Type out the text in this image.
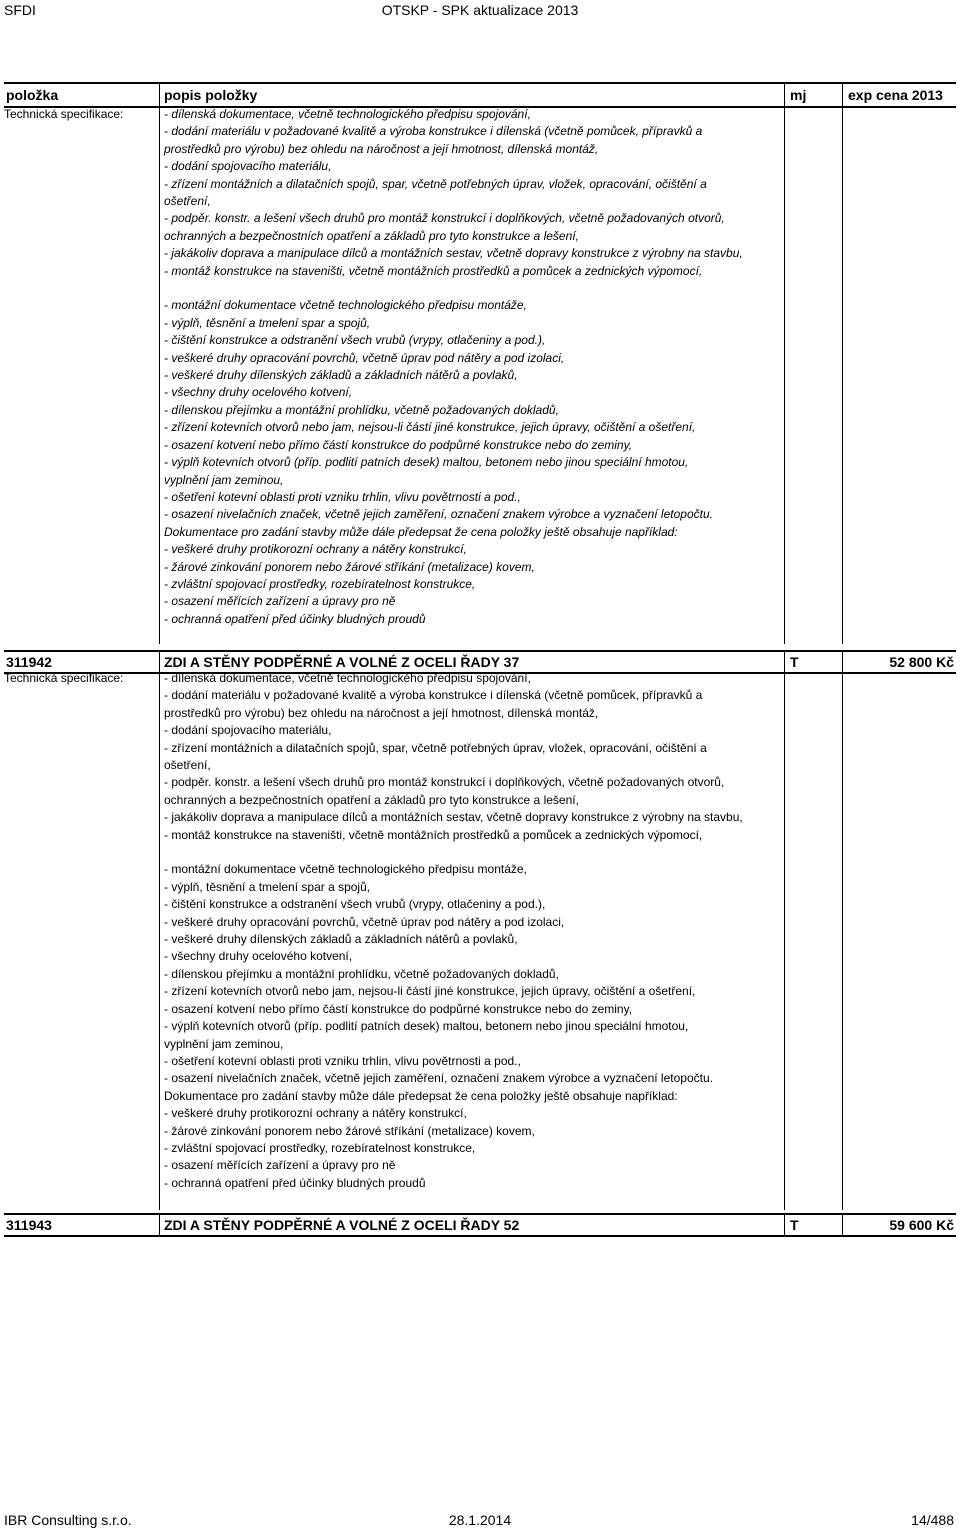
SFDI	OTSKP - SPK aktualizace 2013
položka	popis položky	mj	exp cena 2013
Technická specifikace:	- dílenská dokumentace, včetně technologického předpisu spojování,
- dodání materiálu v požadované kvalitě a výroba konstrukce i dílenská (včetně pomůcek, přípravků a
prostředků pro výrobu) bez ohledu na náročnost a její hmotnost, dílenská montáž,
- dodání spojovacího materiálu,
- zřízení montážních a dilatačních spojů, spar, včetně potřebných úprav, vložek, opracování, očištění a
ošetření,
- podpěr. konstr. a lešení všech druhů pro montáž konstrukcí i doplňkových, včetně požadovaných otvorů,
ochranných a bezpečnostních opatření a základů pro tyto konstrukce a lešení,
- jakákoliv doprava a manipulace dílců a montážních sestav, včetně dopravy konstrukce z výrobny na stavbu,
- montáž konstrukce na staveništi, včetně montážních prostředků a pomůcek a zednických výpomocí,
- montážní dokumentace včetně technologického předpisu montáže,
- výplň, těsnění a tmelení spar a spojů,
- čištění konstrukce a odstranění všech vrubů (vrypy, otlačeniny a pod.),
- veškeré druhy opracování povrchů, včetně úprav pod nátěry a pod izolaci,
- veškeré druhy dílenských základů a základních nátěrů a povlaků,
- všechny druhy ocelového kotvení,
- dílenskou přejímku a montážní prohlídku, včetně požadovaných dokladů,
- zřízení kotevních otvorů nebo jam, nejsou-li částí jiné konstrukce, jejich úpravy, očištění a ošetření,
- osazení kotvení nebo přímo částí konstrukce do podpůrné konstrukce nebo do zeminy,
- výplň kotevních otvorů (příp. podlití patních desek) maltou, betonem nebo jinou speciální hmotou,
vyplnění jam zeminou,
- ošetření kotevní oblasti proti vzniku trhlin, vlivu povětrnosti a pod.,
- osazení nivelačních značek, včetně jejich zaměření, označení znakem výrobce a vyznačení letopočtu.
Dokumentace pro zadání stavby může dále předepsat že cena položky ještě obsahuje například:
- veškeré druhy protikorozní ochrany a nátěry konstrukcí,
- žárové zinkování ponorem nebo žárové stříkání (metalizace) kovem,
- zvláštní spojovací prostředky, rozebíratelnost konstrukce,
- osazení měřících zařízení a úpravy pro ně
- ochranná opatření před účinky bludných proudů
311942	ZDI A STĚNY PODPĚRNÉ A VOLNÉ Z OCELI ŘADY 37	T	52 800 Kč
Technická specifikace:	- dílenská dokumentace, včetně technologického předpisu spojování,
- dodání materiálu v požadované kvalitě a výroba konstrukce i dílenská (včetně pomůcek, přípravků a
prostředků pro výrobu) bez ohledu na náročnost a její hmotnost, dílenská montáž,
- dodání spojovacího materiálu,
- zřízení montážních a dilatačních spojů, spar, včetně potřebných úprav, vložek, opracování, očištění a
ošetření,
- podpěr. konstr. a lešení všech druhů pro montáž konstrukcí i doplňkových, včetně požadovaných otvorů,
ochranných a bezpečnostních opatření a základů pro tyto konstrukce a lešení,
- jakákoliv doprava a manipulace dílců a montážních sestav, včetně dopravy konstrukce z výrobny na stavbu,
- montáž konstrukce na staveništi, včetně montážních prostředků a pomůcek a zednických výpomocí,
- montážní dokumentace včetně technologického předpisu montáže,
- výplň, těsnění a tmelení spar a spojů,
- čištění konstrukce a odstranění všech vrubů (vrypy, otlačeniny a pod.),
- veškeré druhy opracování povrchů, včetně úprav pod nátěry a pod izolaci,
- veškeré druhy dílenských základů a základních nátěrů a povlaků,
- všechny druhy ocelového kotvení,
- dílenskou přejímku a montážní prohlídku, včetně požadovaných dokladů,
- zřízení kotevních otvorů nebo jam, nejsou-li částí jiné konstrukce, jejich úpravy, očištění a ošetření,
- osazení kotvení nebo přímo částí konstrukce do podpůrné konstrukce nebo do zeminy,
- výplň kotevních otvorů (příp. podlití patních desek) maltou, betonem nebo jinou speciální hmotou,
vyplnění jam zeminou,
- ošetření kotevní oblasti proti vzniku trhlin, vlivu povětrnosti a pod.,
- osazení nivelačních značek, včetně jejich zaměření, označení znakem výrobce a vyznačení letopočtu.
Dokumentace pro zadání stavby může dále předepsat že cena položky ještě obsahuje například:
- veškeré druhy protikorozní ochrany a nátěry konstrukcí,
- žárové zinkování ponorem nebo žárové stříkání (metalizace) kovem,
- zvláštní spojovací prostředky, rozebíratelnost konstrukce,
- osazení měřících zařízení a úpravy pro ně
- ochranná opatření před účinky bludných proudů
311943	ZDI A STĚNY PODPĚRNÉ A VOLNÉ Z OCELI ŘADY 52	T	59 600 Kč
IBR Consulting s.r.o.	28.1.2014	14/488
